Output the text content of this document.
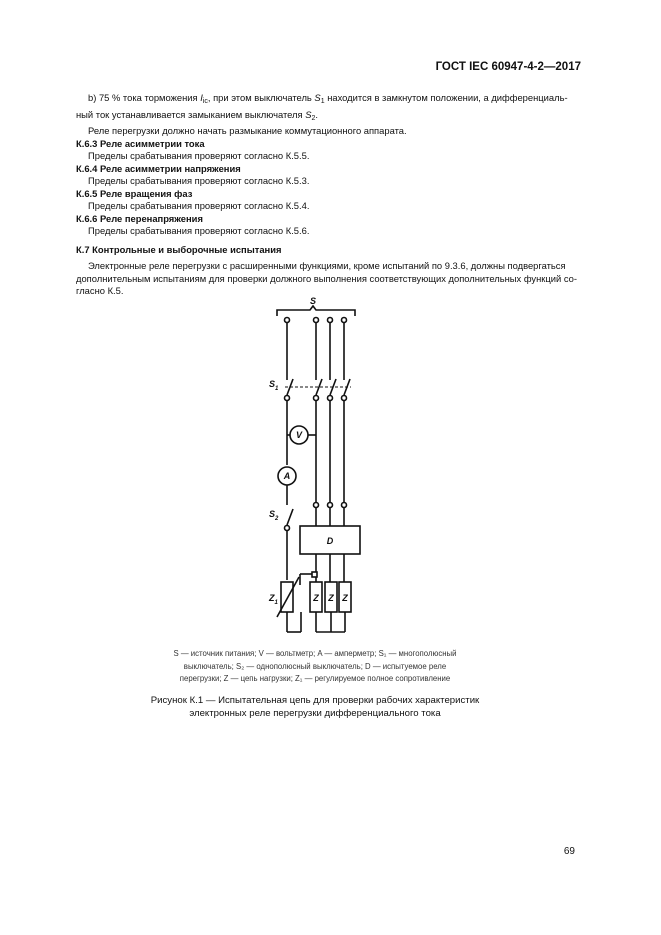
ГОСТ IEC 60947-4-2—2017

b) 75 % тока торможения $I_{ic}$, при этом выключатель $S_1$ находится в замкнутом положении, а дифференциаль-

ный ток устанавливается замыканием выключателя $S_2$.

Реле перегрузки должно начать размыкание коммутационного аппарата.

К.6.3 Реле асимметрии тока

Пределы срабатывания проверяют согласно К.5.5.

К.6.4 Реле асимметрии напряжения

Пределы срабатывания проверяют согласно К.5.3.

К.6.5 Реле вращения фаз

Пределы срабатывания проверяют согласно К.5.4.

К.6.6 Реле перенапряжения

Пределы срабатывания проверяют согласно К.5.6.

К.7 Контрольные и выборочные испытания

Электронные реле перегрузки с расширенными функциями, кроме испытаний по 9.3.6, должны подвергаться

дополнительным испытаниям для проверки должного выполнения соответствующих дополнительных функций со-

гласно К.5.

S
$S_1$
V
A
$S_2$
D
$Z_1$	Z Z Z

S — источник питания; V — вольтметр; A — амперметр; S₁ — многополюсный

выключатель; S₂ — однополюсный выключатель; D — испытуемое реле

перегрузки; Z — цепь нагрузки; Z₁ — регулируемое полное сопротивление

Рисунок К.1 — Испытательная цепь для проверки рабочих характеристик

электронных реле перегрузки дифференциального тока

69
